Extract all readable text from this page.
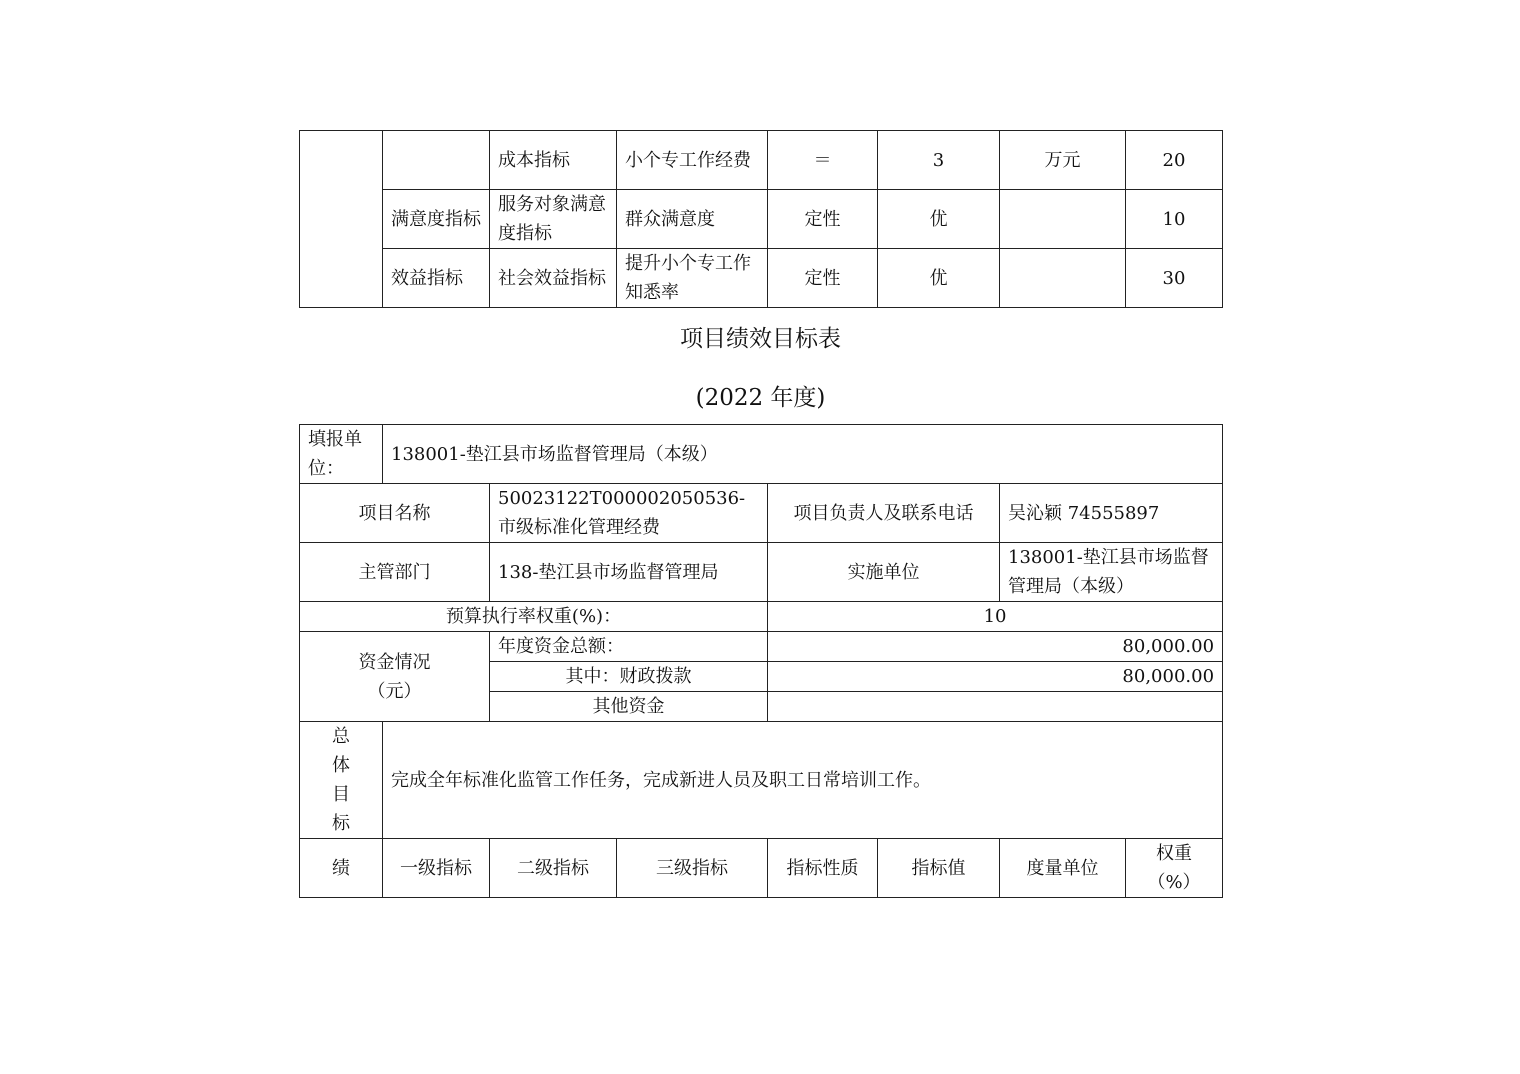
		成本指标	小个专工作经费	＝	3	万元	20
	满意度指标	服务对象满意度指标	群众满意度	定性	优		10
	效益指标	社会效益指标	提升小个专工作知悉率	定性	优		30
项目绩效目标表
(2022 年度)
填报单位：	138001-垫江县市场监督管理局（本级）						
项目名称		50023122T000002050536-市级标准化管理经费		项目负责人及联系电话		吴沁颖 74555897	
主管部门		138-垫江县市场监督管理局		实施单位		138001-垫江县市场监督管理局（本级）	
预算执行率权重(%)：				10			
资金情况（元）		年度资金总额：		80,000.00			
		其中：财政拨款		80,000.00			
		其他资金					
总体目标	完成全年标准化监管工作任务，完成新进人员及职工日常培训工作。						
绩	一级指标	二级指标	三级指标	指标性质	指标值	度量单位	权重（%）
